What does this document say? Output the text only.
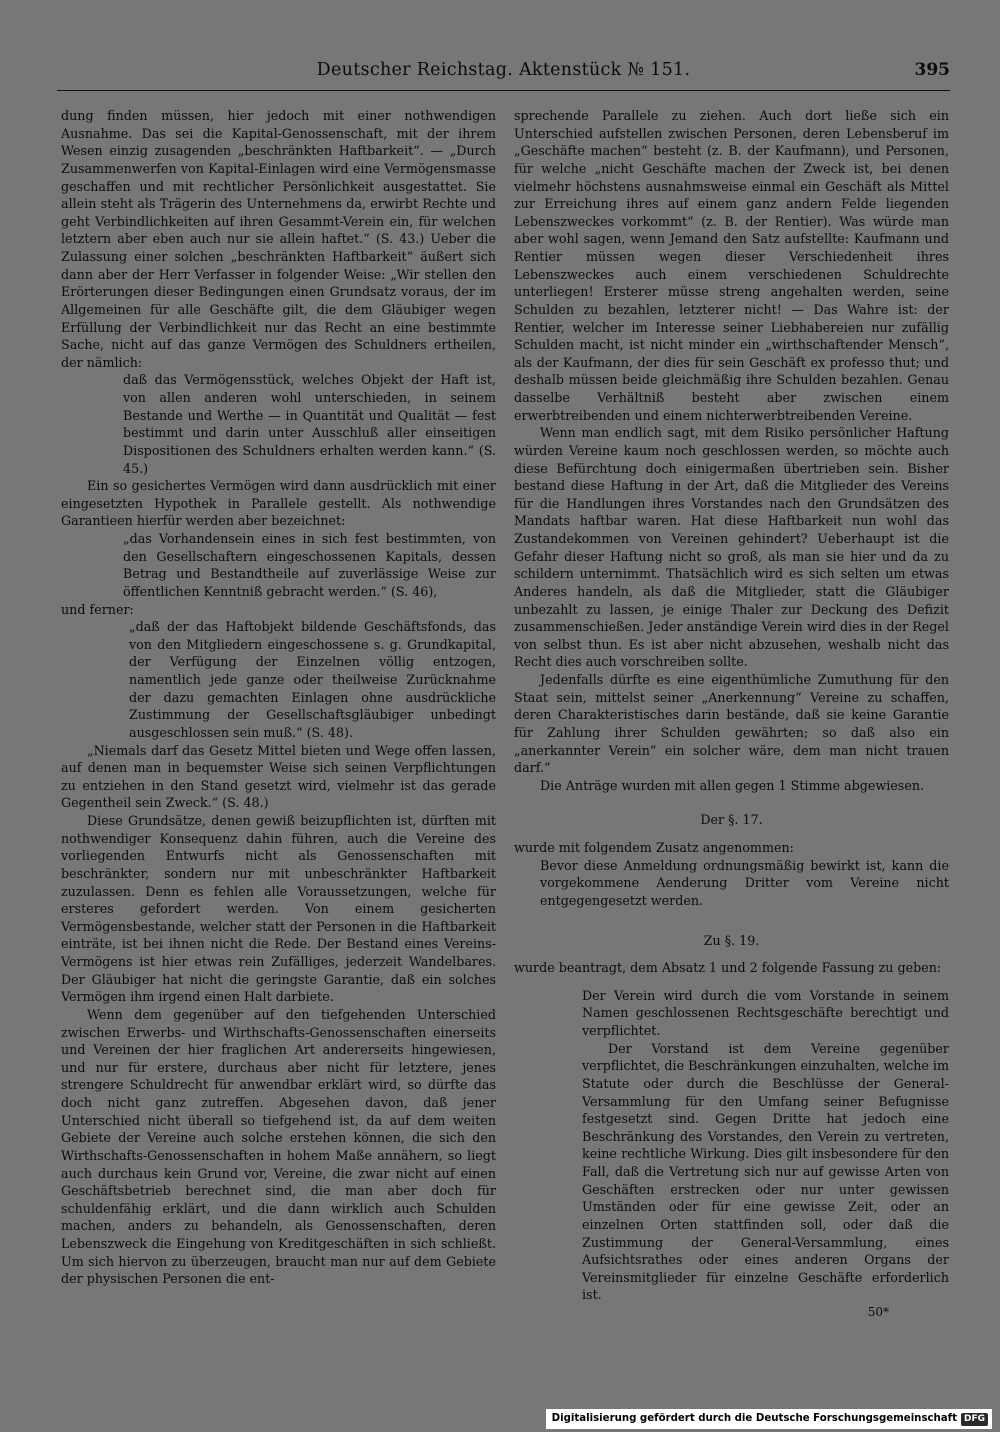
Deutscher Reichstag. Aktenstück № 151.	395

dung finden müssen, hier jedoch mit einer nothwendigen Ausnahme. Das sei die Kapital-Genossenschaft, mit der ihrem Wesen einzig zusagenden „beschränkten Haftbarkeit“. — „Durch Zusammenwerfen von Kapital-Einlagen wird eine Vermögensmasse geschaffen und mit rechtlicher Persönlichkeit ausgestattet. Sie allein steht als Trägerin des Unternehmens da, erwirbt Rechte und geht Verbindlichkeiten auf ihren Gesammt-Verein ein, für welchen letztern aber eben auch nur sie allein haftet.“ (S. 43.) Ueber die Zulassung einer solchen „beschränkten Haftbarkeit“ äußert sich dann aber der Herr Verfasser in folgender Weise: „Wir stellen den Erörterungen dieser Bedingungen einen Grundsatz voraus, der im Allgemeinen für alle Geschäfte gilt, die dem Gläubiger wegen Erfüllung der Verbindlichkeit nur das Recht an eine bestimmte Sache, nicht auf das ganze Vermögen des Schuldners ertheilen, der nämlich:

daß das Vermögensstück, welches Objekt der Haft ist, von allen anderen wohl unterschieden, in seinem Bestande und Werthe — in Quantität und Qualität — fest bestimmt und darin unter Ausschluß aller einseitigen Dispositionen des Schuldners erhalten werden kann.“ (S. 45.)

Ein so gesichertes Vermögen wird dann ausdrücklich mit einer eingesetzten Hypothek in Parallele gestellt. Als nothwendige Garantieen hierfür werden aber bezeichnet:

„das Vorhandensein eines in sich fest bestimmten, von den Gesellschaftern eingeschossenen Kapitals, dessen Betrag und Bestandtheile auf zuverlässige Weise zur öffentlichen Kenntniß gebracht werden.“ (S. 46),

und ferner:

„daß der das Haftobjekt bildende Geschäftsfonds, das von den Mitgliedern eingeschossene s. g. Grundkapital, der Verfügung der Einzelnen völlig entzogen, namentlich jede ganze oder theilweise Zurücknahme der dazu gemachten Einlagen ohne ausdrückliche Zustimmung der Gesellschaftsgläubiger unbedingt ausgeschlossen sein muß.“ (S. 48).

„Niemals darf das Gesetz Mittel bieten und Wege offen lassen, auf denen man in bequemster Weise sich seinen Verpflichtungen zu entziehen in den Stand gesetzt wird, vielmehr ist das gerade Gegentheil sein Zweck.“ (S. 48.)

Diese Grundsätze, denen gewiß beizupflichten ist, dürften mit nothwendiger Konsequenz dahin führen, auch die Vereine des vorliegenden Entwurfs nicht als Genossenschaften mit beschränkter, sondern nur mit unbeschränkter Haftbarkeit zuzulassen. Denn es fehlen alle Voraussetzungen, welche für ersteres gefordert werden. Von einem gesicherten Vermögensbestande, welcher statt der Personen in die Haftbarkeit einträte, ist bei ihnen nicht die Rede. Der Bestand eines Vereins-Vermögens ist hier etwas rein Zufälliges, jederzeit Wandelbares. Der Gläubiger hat nicht die geringste Garantie, daß ein solches Vermögen ihm irgend einen Halt darbiete.

Wenn dem gegenüber auf den tiefgehenden Unterschied zwischen Erwerbs- und Wirthschafts-Genossenschaften einerseits und Vereinen der hier fraglichen Art andererseits hingewiesen, und nur für erstere, durchaus aber nicht für letztere, jenes strengere Schuldrecht für anwendbar erklärt wird, so dürfte das doch nicht ganz zutreffen. Abgesehen davon, daß jener Unterschied nicht überall so tiefgehend ist, da auf dem weiten Gebiete der Vereine auch solche erstehen können, die sich den Wirthschafts-Genossenschaften in hohem Maße annähern, so liegt auch durchaus kein Grund vor, Vereine, die zwar nicht auf einen Geschäftsbetrieb berechnet sind, die man aber doch für schuldenfähig erklärt, und die dann wirklich auch Schulden machen, anders zu behandeln, als Genossenschaften, deren Lebenszweck die Eingehung von Kreditgeschäften in sich schließt. Um sich hiervon zu überzeugen, braucht man nur auf dem Gebiete der physischen Personen die ent-

sprechende Parallele zu ziehen. Auch dort ließe sich ein Unterschied aufstellen zwischen Personen, deren Lebensberuf im „Geschäfte machen“ besteht (z. B. der Kaufmann), und Personen, für welche „nicht Geschäfte machen der Zweck ist, bei denen vielmehr höchstens ausnahmsweise einmal ein Geschäft als Mittel zur Erreichung ihres auf einem ganz andern Felde liegenden Lebenszweckes vorkommt“ (z. B. der Rentier). Was würde man aber wohl sagen, wenn Jemand den Satz aufstellte: Kaufmann und Rentier müssen wegen dieser Verschiedenheit ihres Lebenszweckes auch einem verschiedenen Schuldrechte unterliegen! Ersterer müsse streng angehalten werden, seine Schulden zu bezahlen, letzterer nicht! — Das Wahre ist: der Rentier, welcher im Interesse seiner Liebhabereien nur zufällig Schulden macht, ist nicht minder ein „wirthschaftender Mensch“, als der Kaufmann, der dies für sein Geschäft ex professo thut; und deshalb müssen beide gleichmäßig ihre Schulden bezahlen. Genau dasselbe Verhältniß besteht aber zwischen einem erwerbtreibenden und einem nichterwerbtreibenden Vereine.

Wenn man endlich sagt, mit dem Risiko persönlicher Haftung würden Vereine kaum noch geschlossen werden, so möchte auch diese Befürchtung doch einigermaßen übertrieben sein. Bisher bestand diese Haftung in der Art, daß die Mitglieder des Vereins für die Handlungen ihres Vorstandes nach den Grundsätzen des Mandats haftbar waren. Hat diese Haftbarkeit nun wohl das Zustandekommen von Vereinen gehindert? Ueberhaupt ist die Gefahr dieser Haftung nicht so groß, als man sie hier und da zu schildern unternimmt. Thatsächlich wird es sich selten um etwas Anderes handeln, als daß die Mitglieder, statt die Gläubiger unbezahlt zu lassen, je einige Thaler zur Deckung des Defizit zusammenschießen. Jeder anständige Verein wird dies in der Regel von selbst thun. Es ist aber nicht abzusehen, weshalb nicht das Recht dies auch vorschreiben sollte.

Jedenfalls dürfte es eine eigenthümliche Zumuthung für den Staat sein, mittelst seiner „Anerkennung“ Vereine zu schaffen, deren Charakteristisches darin bestände, daß sie keine Garantie für Zahlung ihrer Schulden gewährten; so daß also ein „anerkannter Verein“ ein solcher wäre, dem man nicht trauen darf.“

Die Anträge wurden mit allen gegen 1 Stimme abgewiesen.

Der §. 17.

wurde mit folgendem Zusatz angenommen:

Bevor diese Anmeldung ordnungsmäßig bewirkt ist, kann die vorgekommene Aenderung Dritter vom Vereine nicht entgegengesetzt werden.

Zu §. 19.

wurde beantragt, dem Absatz 1 und 2 folgende Fassung zu geben:

Der Verein wird durch die vom Vorstande in seinem Namen geschlossenen Rechtsgeschäfte berechtigt und verpflichtet.

Der Vorstand ist dem Vereine gegenüber verpflichtet, die Beschränkungen einzuhalten, welche im Statute oder durch die Beschlüsse der General-Versammlung für den Umfang seiner Befugnisse festgesetzt sind. Gegen Dritte hat jedoch eine Beschränkung des Vorstandes, den Verein zu vertreten, keine rechtliche Wirkung. Dies gilt insbesondere für den Fall, daß die Vertretung sich nur auf gewisse Arten von Geschäften erstrecken oder nur unter gewissen Umständen oder für eine gewisse Zeit, oder an einzelnen Orten stattfinden soll, oder daß die Zustimmung der General-Versammlung, eines Aufsichtsrathes oder eines anderen Organs der Vereinsmitglieder für einzelne Geschäfte erforderlich ist.

50*

Digitalisierung gefördert durch die Deutsche Forschungsgemeinschaft DFG
